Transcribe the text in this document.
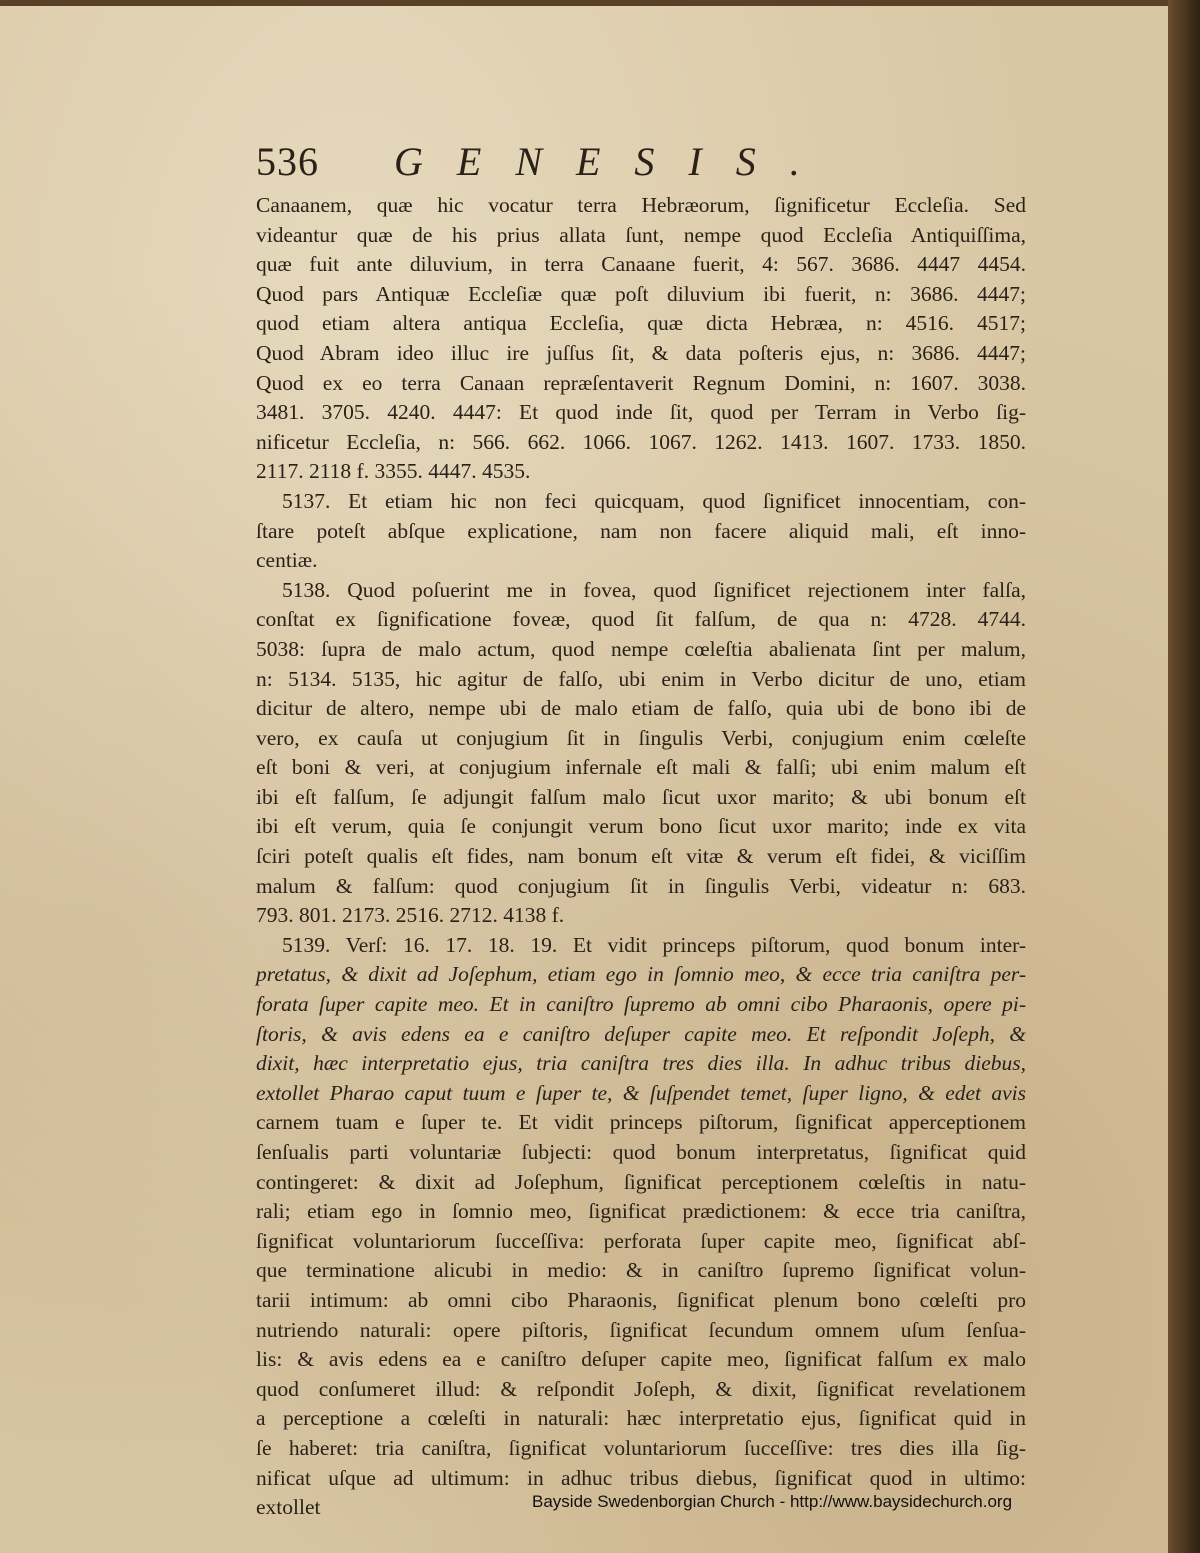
536 GENESIS.
Canaanem, quæ hic vocatur terra Hebræorum, ſignificetur Eccleſia. Sed
videantur quæ de his prius allata ſunt, nempe quod Eccleſia Antiquiſſima,
quæ fuit ante diluvium, in terra Canaane fuerit, 4: 567. 3686. 4447 4454.
Quod pars Antiquæ Eccleſiæ quæ poſt diluvium ibi fuerit, n: 3686. 4447;
quod etiam altera antiqua Eccleſia, quæ dicta Hebræa, n: 4516. 4517;
Quod Abram ideo illuc ire juſſus ſit, & data poſteris ejus, n: 3686. 4447;
Quod ex eo terra Canaan repræſentaverit Regnum Domini, n: 1607. 3038.
3481. 3705. 4240. 4447: Et quod inde ſit, quod per Terram in Verbo ſig-
nificetur Eccleſia, n: 566. 662. 1066. 1067. 1262. 1413. 1607. 1733. 1850.
2117. 2118 f. 3355. 4447. 4535.
5137. Et etiam hic non feci quicquam, quod ſignificet innocentiam, con-
ſtare poteſt abſque explicatione, nam non facere aliquid mali, eſt inno-
centiæ.
5138. Quod poſuerint me in fovea, quod ſignificet rejectionem inter falſa,
conſtat ex ſignificatione foveæ, quod ſit falſum, de qua n: 4728. 4744.
5038: ſupra de malo actum, quod nempe cœleſtia abalienata ſint per malum,
n: 5134. 5135, hic agitur de falſo, ubi enim in Verbo dicitur de uno, etiam
dicitur de altero, nempe ubi de malo etiam de falſo, quia ubi de bono ibi de
vero, ex cauſa ut conjugium ſit in ſingulis Verbi, conjugium enim cœleſte
eſt boni & veri, at conjugium infernale eſt mali & falſi; ubi enim malum eſt
ibi eſt falſum, ſe adjungit falſum malo ſicut uxor marito; & ubi bonum eſt
ibi eſt verum, quia ſe conjungit verum bono ſicut uxor marito; inde ex vita
ſciri poteſt qualis eſt fides, nam bonum eſt vitæ & verum eſt fidei, & viciſſim
malum & falſum: quod conjugium ſit in ſingulis Verbi, videatur n: 683.
793. 801. 2173. 2516. 2712. 4138 f.
5139. Verſ: 16. 17. 18. 19. Et vidit princeps piſtorum, quod bonum inter-
pretatus, & dixit ad Joſephum, etiam ego in ſomnio meo, & ecce tria caniſtra per-
forata ſuper capite meo. Et in caniſtro ſupremo ab omni cibo Pharaonis, opere pi-
ſtoris, & avis edens ea e caniſtro deſuper capite meo. Et reſpondit Joſeph, &
dixit, hæc interpretatio ejus, tria caniſtra tres dies illa. In adhuc tribus diebus,
extollet Pharao caput tuum e ſuper te, & ſuſpendet temet, ſuper ligno, & edet avis
carnem tuam e ſuper te. Et vidit princeps piſtorum, ſignificat apperceptionem
ſenſualis parti voluntariæ ſubjecti: quod bonum interpretatus, ſignificat quid
contingeret: & dixit ad Joſephum, ſignificat perceptionem cœleſtis in natu-
rali; etiam ego in ſomnio meo, ſignificat prædictionem: & ecce tria caniſtra,
ſignificat voluntariorum ſucceſſiva: perforata ſuper capite meo, ſignificat abſ-
que terminatione alicubi in medio: & in caniſtro ſupremo ſignificat volun-
tarii intimum: ab omni cibo Pharaonis, ſignificat plenum bono cœleſti pro
nutriendo naturali: opere piſtoris, ſignificat ſecundum omnem uſum ſenſua-
lis: & avis edens ea e caniſtro deſuper capite meo, ſignificat falſum ex malo
quod conſumeret illud: & reſpondit Joſeph, & dixit, ſignificat revelationem
a perceptione a cœleſti in naturali: hæc interpretatio ejus, ſignificat quid in
ſe haberet: tria caniſtra, ſignificat voluntariorum ſucceſſive: tres dies illa ſig-
nificat uſque ad ultimum: in adhuc tribus diebus, ſignificat quod in ultimo:
extollet	Bayside Swedenborgian Church - http://www.baysidechurch.org
